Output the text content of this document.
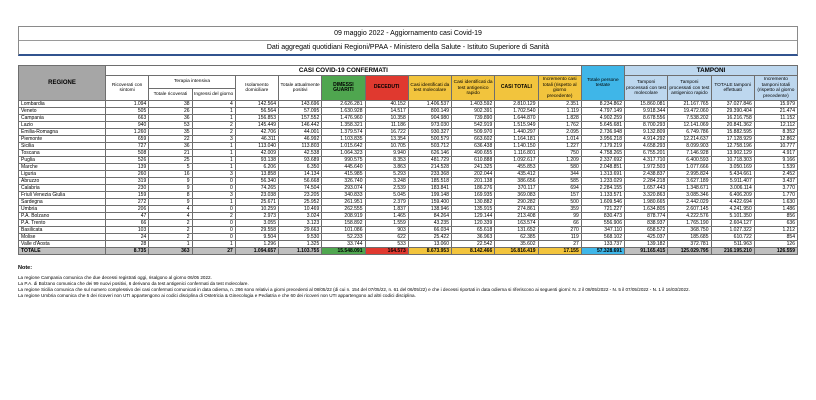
09 maggio 2022 - Aggiornamento casi Covid-19
Dati aggregati quotidiani Regioni/PPAA - Ministero della Salute - Istituto Superiore di Sanità
REGIONE	CASI COVID-19 CONFERMATI											Totale persone testate	TAMPONI			
	Ricoverati con sintomi	Terapia intensiva		Isolamento domiciliare	Totale attualmente positivi	DIMESSI GUARITI	DECEDUTI	Casi identificati da test molecolare	Casi identificati da test antigenico rapido	CASI TOTALI	Incremento casi totali (rispetto al giorno precedente)		Tamponi processati con test molecolare	Tamponi processati con test antigenico rapido	TOTALE tamponi effettuati	Incremento tamponi totali (rispetto al giorno precedente)
		Totale ricoverati	Ingressi del giorno													
Lombardia	1.094	38	4	142.564	143.696	2.626.281	40.152	1.406.537	1.403.592	2.810.129	2.351	8.234.862	15.860.081	21.167.765	37.027.846	15.979
Veneto	505	26	1	56.564	57.095	1.630.928	14.517	800.149	902.391	1.702.540	1.119	4.797.149	9.918.344	19.472.060	29.390.404	21.474
Campania	663	36	1	156.853	157.552	1.476.960	10.358	904.980	739.890	1.644.870	1.828	4.902.259	8.678.556	7.538.202	16.216.758	11.152
Lazio	940	53	2	145.449	146.442	1.358.321	11.186	973.030	542.919	1.515.949	1.762	5.645.681	8.700.293	12.141.069	20.841.362	12.112
Emilia-Romagna	1.260	35	2	42.706	44.001	1.379.574	16.722	930.327	509.970	1.440.297	2.095	2.736.948	9.132.809	6.749.786	15.882.595	8.352
Piemonte	659	22	3	46.311	46.992	1.103.835	13.354	500.579	663.602	1.164.181	1.014	3.956.218	4.914.292	12.214.637	17.128.929	12.862
Sicilia	727	36	1	113.040	113.803	1.015.642	10.705	503.712	636.438	1.140.150	1.227	7.179.219	4.658.293	8.099.903	12.758.196	10.777
Toscana	508	21	1	42.009	42.538	1.064.323	9.940	626.146	490.655	1.116.801	750	4.758.265	6.755.201	7.146.928	13.902.129	4.917
Puglia	526	25	1	93.138	93.689	990.575	8.353	481.729	610.888	1.092.617	1.209	2.337.692	4.317.710	6.400.593	10.718.303	9.166
Marche	139	5	1	6.206	6.350	445.640	3.863	214.528	241.325	455.853	580	2.048.851	1.972.503	1.077.666	3.050.169	1.539
Liguria	260	16	3	13.858	14.134	415.985	5.293	233.368	202.044	435.412	344	1.313.691	2.438.837	2.995.824	5.434.661	2.452
Abruzzo	319	9	0	56.340	56.668	326.740	3.248	185.518	201.138	386.656	585	1.233.029	2.284.218	3.627.189	5.911.407	3.437
Calabria	230	9	0	74.265	74.504	293.074	2.539	183.841	186.276	370.117	694	2.284.155	1.657.443	1.348.671	3.006.114	3.770
Friuli Venezia Giulia	159	8	3	23.038	23.205	340.833	5.045	199.148	169.935	369.083	157	1.133.571	3.320.863	3.085.346	6.406.209	1.770
Sardegna	272	9	1	25.671	25.952	261.951	2.379	159.400	130.882	290.282	500	1.609.546	1.980.665	2.442.029	4.422.694	1.630
Umbria	206	4	0	10.259	10.469	262.555	1.837	138.946	135.915	274.861	359	721.227	1.634.805	2.607.145	4.241.950	1.486
P.A. Bolzano	47	4	2	2.973	3.024	208.919	1.465	84.264	129.144	213.408	99	830.473	878.774	4.222.576	5.101.350	856
P.A. Trento	66	2	0	3.055	3.123	158.892	1.559	43.235	120.339	163.574	66	556.906	838.937	1.765.190	2.604.127	636
Basilicata	103	2	0	29.558	29.663	101.086	903	66.034	65.618	131.652	270	347.110	658.572	368.750	1.027.322	1.212
Molise	24	2	0	9.504	9.530	52.233	622	25.422	36.963	62.385	119	568.102	425.037	185.685	610.722	854
Valle d'Aosta	28	1	1	1.296	1.325	33.744	533	13.060	22.542	35.602	27	133.737	139.182	372.781	511.963	126
TOTALE	8.735	363	27	1.094.657	1.103.755	15.548.091	164.573	8.673.953	8.142.466	16.816.419	17.155	57.328.691	91.165.415	125.029.795	216.195.210	126.559
Note:
La regione Campania comunica che due decessi registrati oggi, risalgono al giorno 06/05 2022.
La P.A. di Bolzano comunica che dei 99 nuovi positivi, 6 derivano da test antigenici confermati da test molecolare.
La regione Sicilia comunica che sul numero complessivo dei casi confermati comunicati in data odierna, n. 266 sono relativi a giorni precedenti al 08/05/22 (di cui n. 154 del 07/05/22, n. 61 del 06/05/22) e che i decessi riportati in data odierna si riferiscono ai seguenti giorni: N. 2 il 08/05/2022 - N. 5 il 07/05/2022 - N. 1 il 16/03/2022.
La regione Umbria comunica che 5 dei ricoveri non UTI appartengono ai codici disciplina di Ostetricia & Ginecologia e Pediatria e che 60 dei ricoveri non UTI appartengono ad altri codici disciplina.
